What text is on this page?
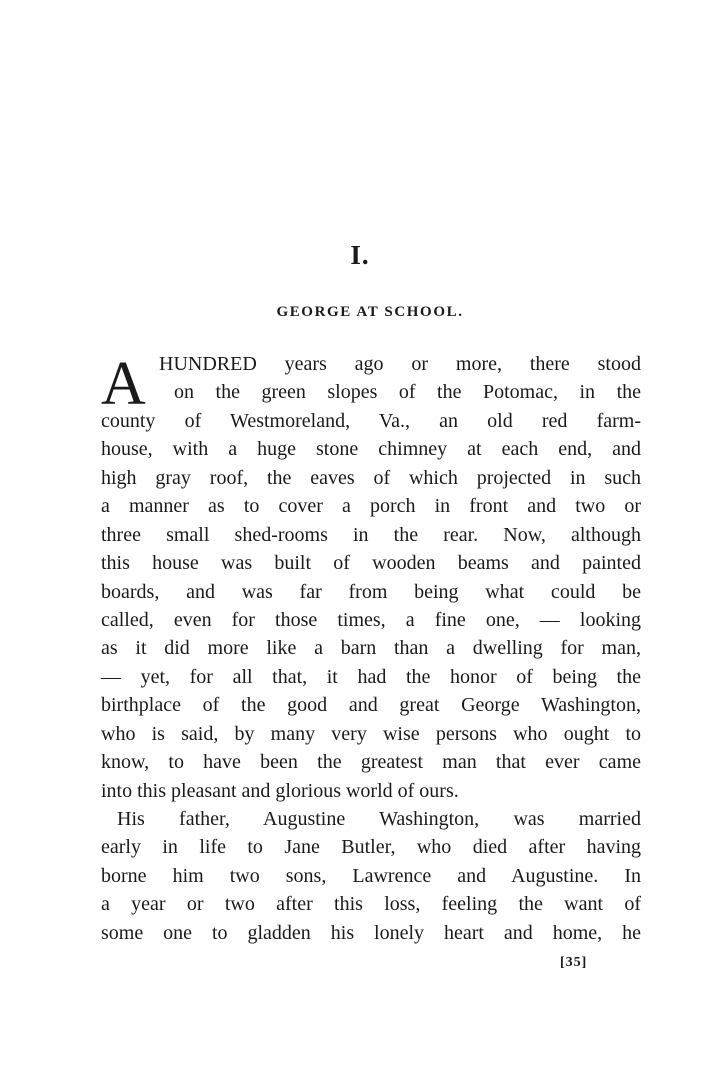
I.
GEORGE AT SCHOOL.
A HUNDRED years ago or more, there stood
on the green slopes of the Potomac, in the
county of Westmoreland, Va., an old red farm-
house, with a huge stone chimney at each end, and
high gray roof, the eaves of which projected in such
a manner as to cover a porch in front and two or
three small shed-rooms in the rear. Now, although
this house was built of wooden beams and painted
boards, and was far from being what could be
called, even for those times, a fine one, — looking
as it did more like a barn than a dwelling for man,
— yet, for all that, it had the honor of being the
birthplace of the good and great George Washington,
who is said, by many very wise persons who ought to
know, to have been the greatest man that ever came
into this pleasant and glorious world of ours.
His father, Augustine Washington, was married
early in life to Jane Butler, who died after having
borne him two sons, Lawrence and Augustine. In
a year or two after this loss, feeling the want of
some one to gladden his lonely heart and home, he
[35]
